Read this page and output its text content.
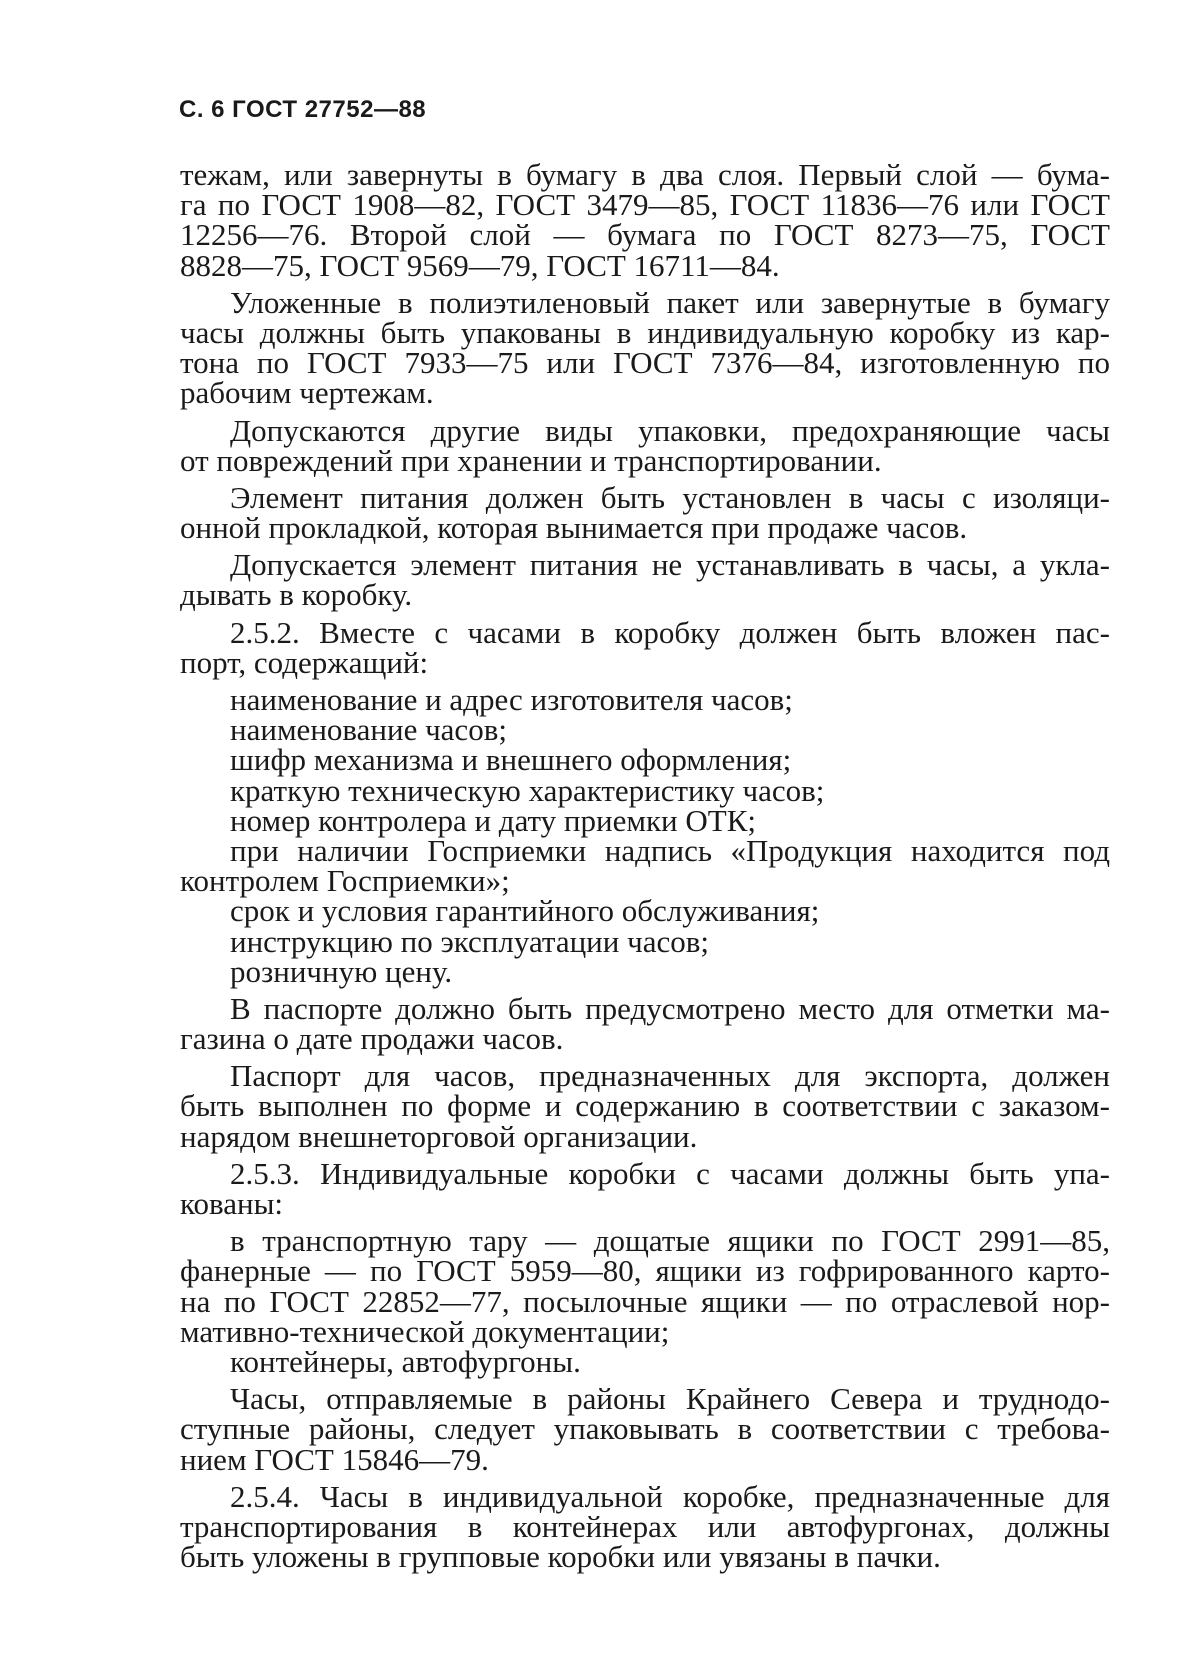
С. 6 ГОСТ 27752—88
тежам, или завернуты в бумагу в два слоя. Первый слой — бума-
га по ГОСТ 1908—82, ГОСТ 3479—85, ГОСТ 11836—76 или ГОСТ
12256—76. Второй слой — бумага по ГОСТ 8273—75, ГОСТ
8828—75, ГОСТ 9569—79, ГОСТ 16711—84.
Уложенные в полиэтиленовый пакет или завернутые в бумагу
часы должны быть упакованы в индивидуальную коробку из кар-
тона по ГОСТ 7933—75 или ГОСТ 7376—84, изготовленную по
рабочим чертежам.
Допускаются другие виды упаковки, предохраняющие часы
от повреждений при хранении и транспортировании.
Элемент питания должен быть установлен в часы с изоляци-
онной прокладкой, которая вынимается при продаже часов.
Допускается элемент питания не устанавливать в часы, а укла-
дывать в коробку.
2.5.2. Вместе с часами в коробку должен быть вложен пас-
порт, содержащий:
наименование и адрес изготовителя часов;
наименование часов;
шифр механизма и внешнего оформления;
краткую техническую характеристику часов;
номер контролера и дату приемки ОТК;
при наличии Госприемки надпись «Продукция находится под
контролем Госприемки»;
срок и условия гарантийного обслуживания;
инструкцию по эксплуатации часов;
розничную цену.
В паспорте должно быть предусмотрено место для отметки ма-
газина о дате продажи часов.
Паспорт для часов, предназначенных для экспорта, должен
быть выполнен по форме и содержанию в соответствии с заказом-
нарядом внешнеторговой организации.
2.5.3. Индивидуальные коробки с часами должны быть упа-
кованы:
в транспортную тару — дощатые ящики по ГОСТ 2991—85,
фанерные — по ГОСТ 5959—80, ящики из гофрированного карто-
на по ГОСТ 22852—77, посылочные ящики — по отраслевой нор-
мативно-технической документации;
контейнеры, автофургоны.
Часы, отправляемые в районы Крайнего Севера и труднодо-
ступные районы, следует упаковывать в соответствии с требова-
нием ГОСТ 15846—79.
2.5.4. Часы в индивидуальной коробке, предназначенные для
транспортирования в контейнерах или автофургонах, должны
быть уложены в групповые коробки или увязаны в пачки.
